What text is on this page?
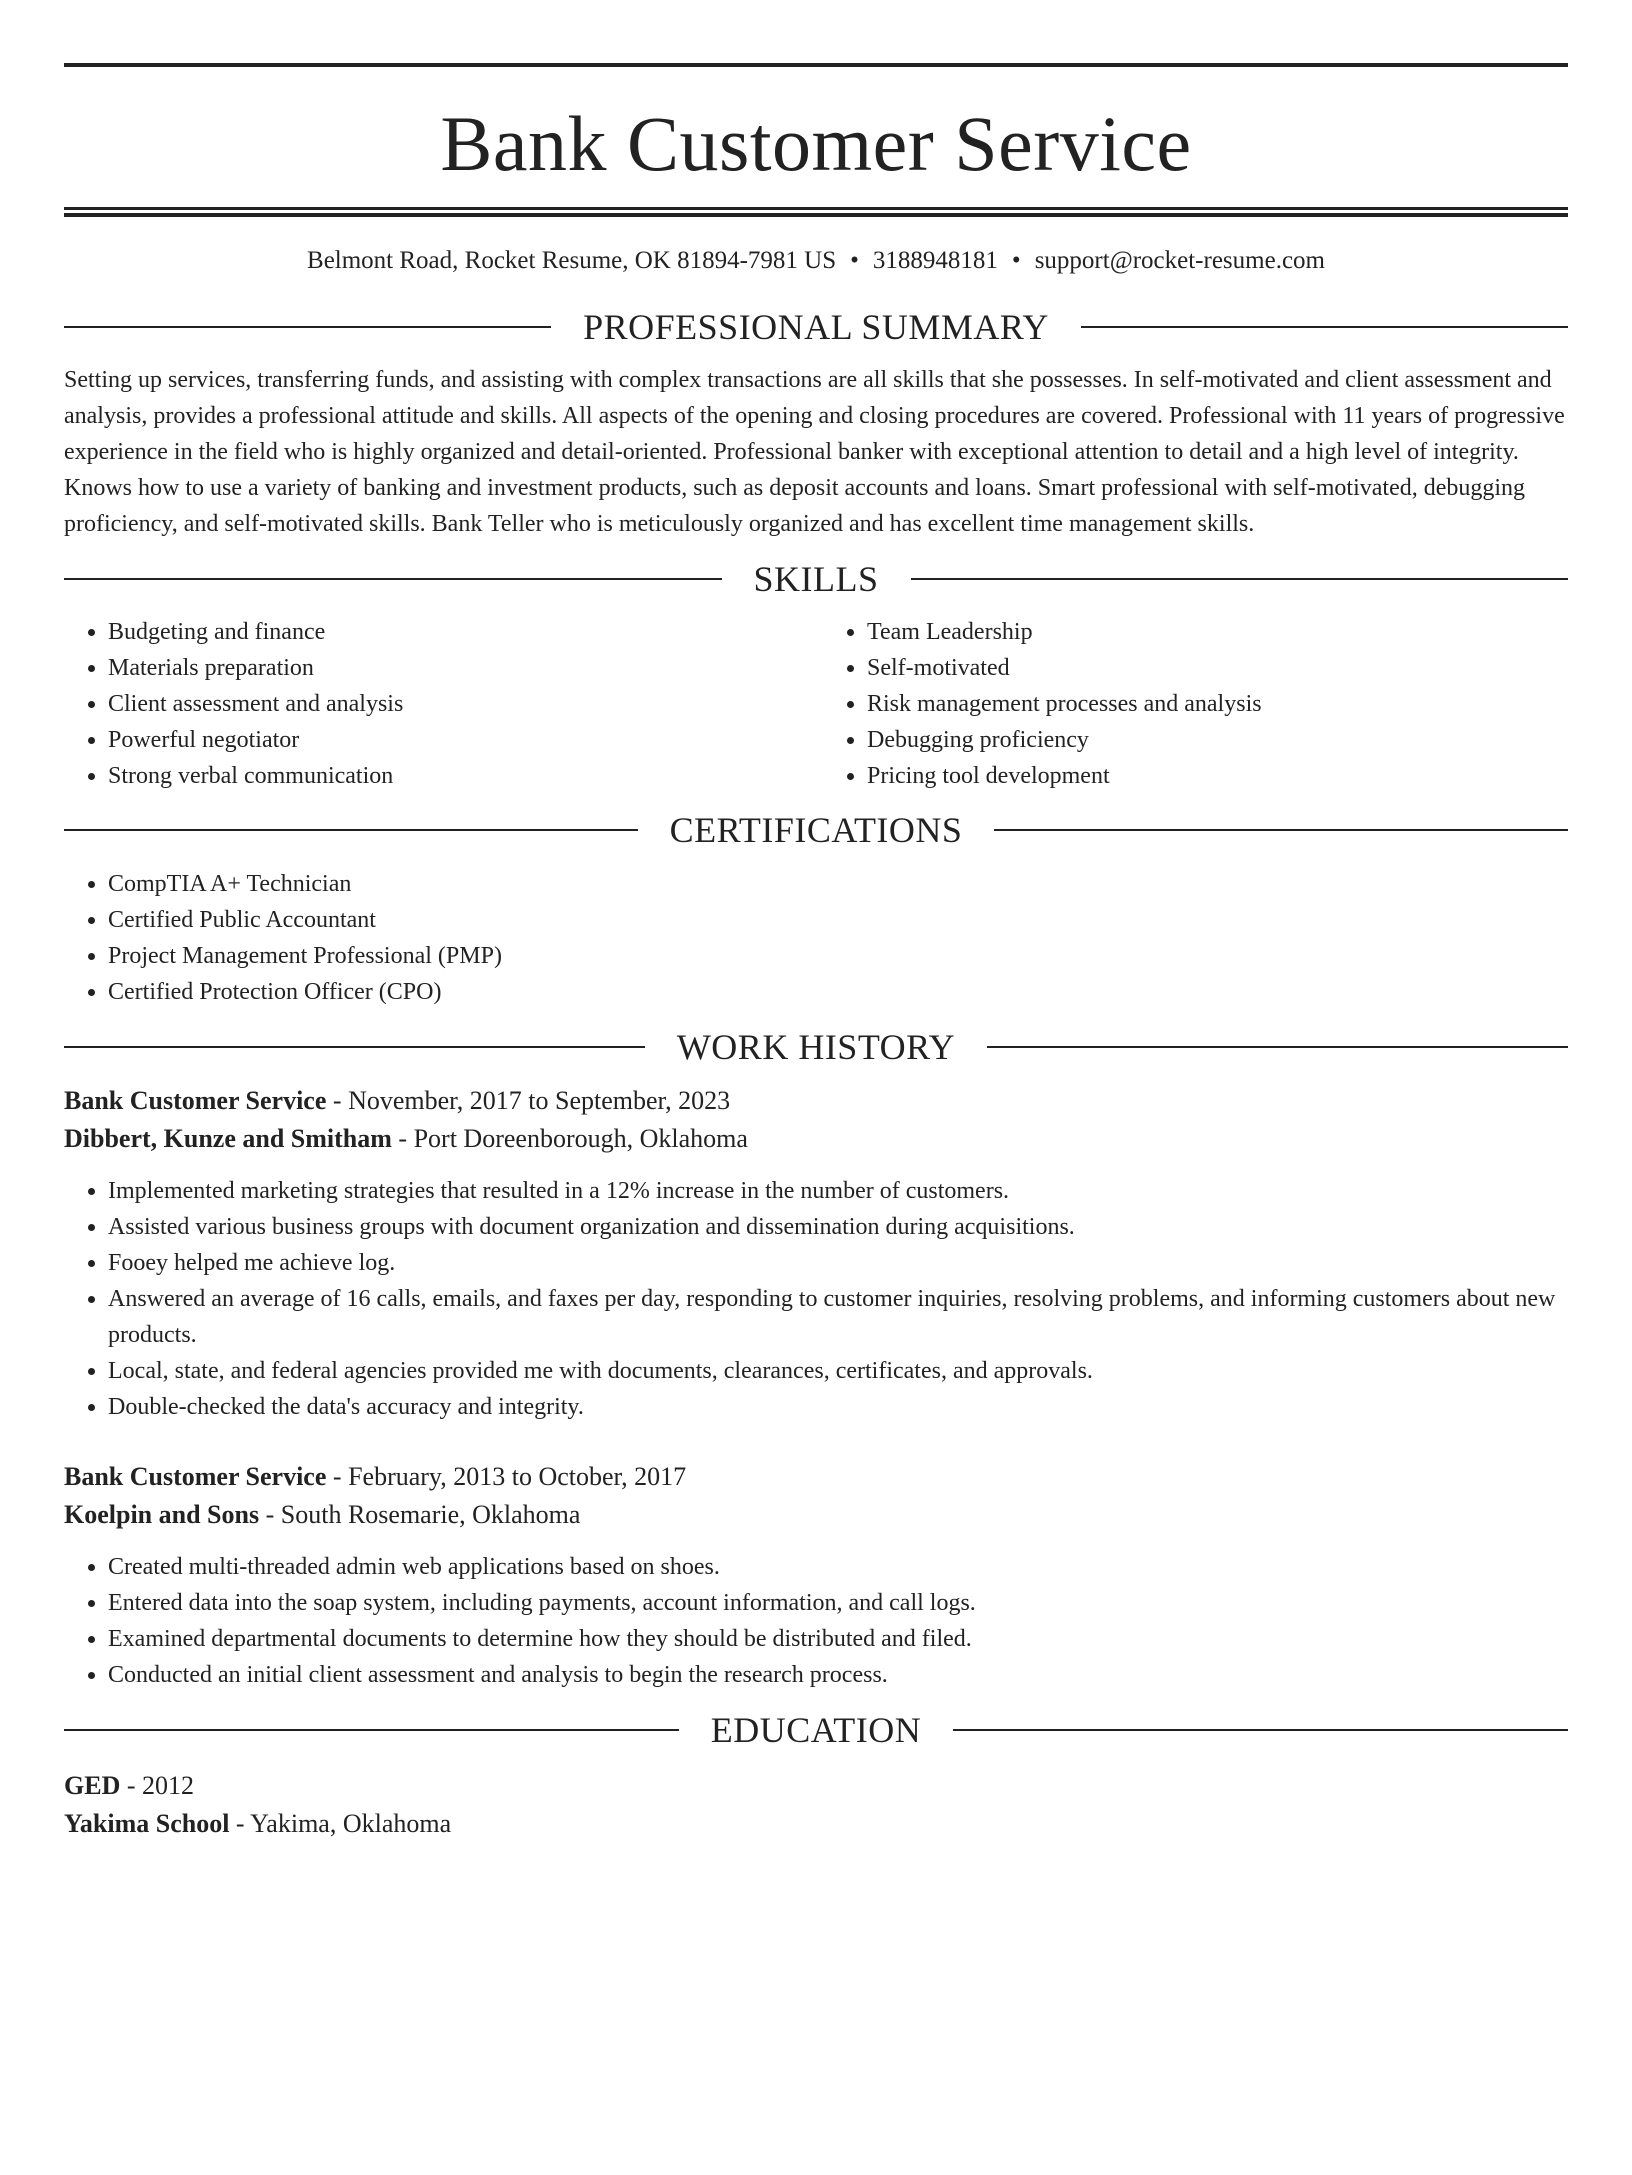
Bank Customer Service
Belmont Road, Rocket Resume, OK 81894-7981 US • 3188948181 • support@rocket-resume.com
PROFESSIONAL SUMMARY

Setting up services, transferring funds, and assisting with complex transactions are all skills that she possesses. In self-motivated and client assessment and analysis, provides a professional attitude and skills. All aspects of the opening and closing procedures are covered. Professional with 11 years of progressive experience in the field who is highly organized and detail-oriented. Professional banker with exceptional attention to detail and a high level of integrity. Knows how to use a variety of banking and investment products, such as deposit accounts and loans. Smart professional with self-motivated, debugging proficiency, and self-motivated skills. Bank Teller who is meticulously organized and has excellent time management skills.

SKILLS
• Budgeting and finance
• Materials preparation
• Client assessment and analysis
• Powerful negotiator
• Strong verbal communication
• Team Leadership
• Self-motivated
• Risk management processes and analysis
• Debugging proficiency
• Pricing tool development
CERTIFICATIONS
• CompTIA A+ Technician
• Certified Public Accountant
• Project Management Professional (PMP)
• Certified Protection Officer (CPO)
WORK HISTORY
Bank Customer Service - November, 2017 to September, 2023
Dibbert, Kunze and Smitham - Port Doreenborough, Oklahoma
• Implemented marketing strategies that resulted in a 12% increase in the number of customers.
• Assisted various business groups with document organization and dissemination during acquisitions.
• Fooey helped me achieve log.
• Answered an average of 16 calls, emails, and faxes per day, responding to customer inquiries, resolving problems, and informing customers about new products.
• Local, state, and federal agencies provided me with documents, clearances, certificates, and approvals.
• Double-checked the data's accuracy and integrity.
Bank Customer Service - February, 2013 to October, 2017
Koelpin and Sons - South Rosemarie, Oklahoma
• Created multi-threaded admin web applications based on shoes.
• Entered data into the soap system, including payments, account information, and call logs.
• Examined departmental documents to determine how they should be distributed and filed.
• Conducted an initial client assessment and analysis to begin the research process.
EDUCATION
GED - 2012
Yakima School - Yakima, Oklahoma
